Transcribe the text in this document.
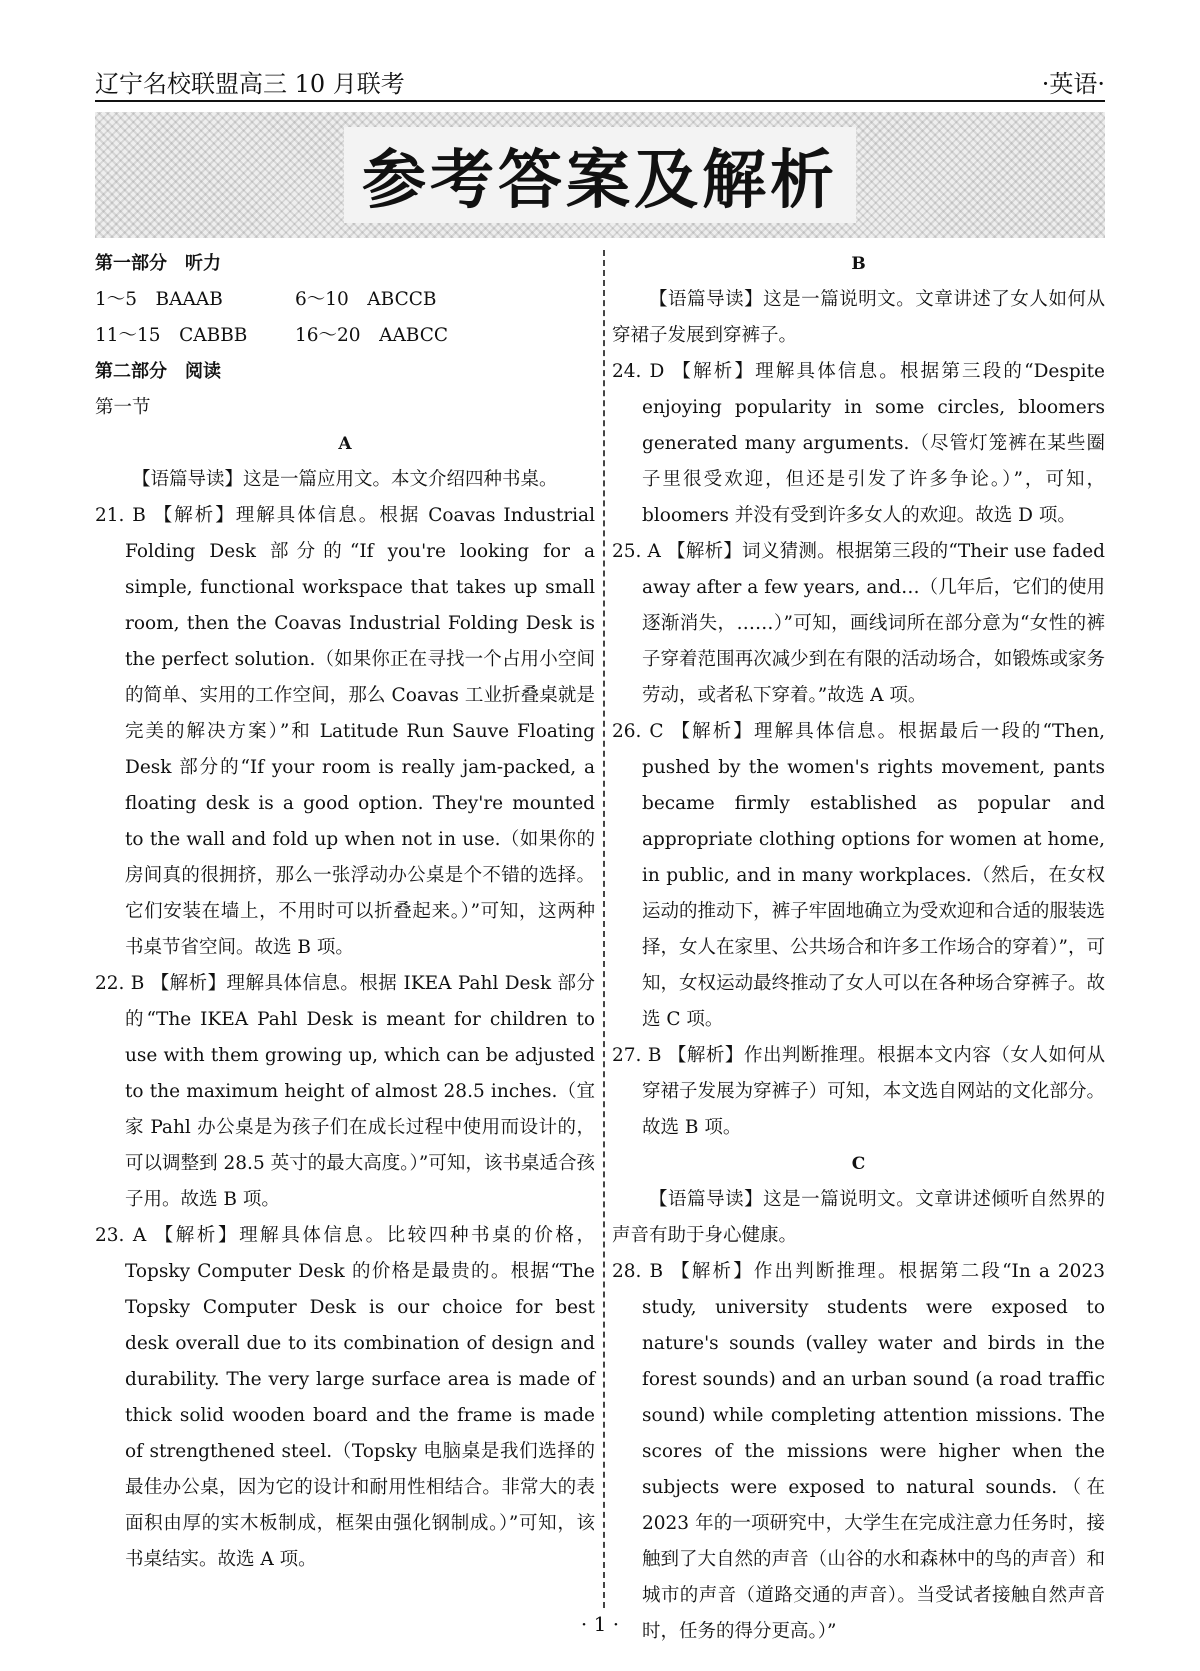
辽宁名校联盟高三 10 月联考	·英语·
参考答案及解析

第一部分　听力

1～5　BAAAB	6～10　ABCCB
11～15　CABBB	16～20　AABCC

第二部分　阅读

第一节

A

【语篇导读】这是一篇应用文。本文介绍四种书桌。

21. B 【解析】理解具体信息。根据 Coavas Industrial Folding Desk 部分的“If you're looking for a simple, functional workspace that takes up small room, then the Coavas Industrial Folding Desk is the perfect solution.（如果你正在寻找一个占用小空间的简单、实用的工作空间，那么 Coavas 工业折叠桌就是完美的解决方案）”和 Latitude Run Sauve Floating Desk 部分的“If your room is really jam-packed, a floating desk is a good option. They're mounted to the wall and fold up when not in use.（如果你的房间真的很拥挤，那么一张浮动办公桌是个不错的选择。它们安装在墙上，不用时可以折叠起来。）”可知，这两种书桌节省空间。故选 B 项。

22. B 【解析】理解具体信息。根据 IKEA Pahl Desk 部分的“The IKEA Pahl Desk is meant for children to use with them growing up, which can be adjusted to the maximum height of almost 28.5 inches.（宜家 Pahl 办公桌是为孩子们在成长过程中使用而设计的，可以调整到 28.5 英寸的最大高度。）”可知，该书桌适合孩子用。故选 B 项。

23. A 【解析】理解具体信息。比较四种书桌的价格，Topsky Computer Desk 的价格是最贵的。根据“The Topsky Computer Desk is our choice for best desk overall due to its combination of design and durability. The very large surface area is made of thick solid wooden board and the frame is made of strengthened steel.（Topsky 电脑桌是我们选择的最佳办公桌，因为它的设计和耐用性相结合。非常大的表面积由厚的实木板制成，框架由强化钢制成。）”可知，该书桌结实。故选 A 项。

B

【语篇导读】这是一篇说明文。文章讲述了女人如何从穿裙子发展到穿裤子。

24. D 【解析】理解具体信息。根据第三段的“Despite enjoying popularity in some circles, bloomers generated many arguments.（尽管灯笼裤在某些圈子里很受欢迎，但还是引发了许多争论。）”，可知，bloomers 并没有受到许多女人的欢迎。故选 D 项。

25. A 【解析】词义猜测。根据第三段的“Their use faded away after a few years, and…（几年后，它们的使用逐渐消失，……）”可知，画线词所在部分意为“女性的裤子穿着范围再次减少到在有限的活动场合，如锻炼或家务劳动，或者私下穿着。”故选 A 项。

26. C 【解析】理解具体信息。根据最后一段的“Then, pushed by the women's rights movement, pants became firmly established as popular and appropriate clothing options for women at home, in public, and in many workplaces.（然后，在女权运动的推动下，裤子牢固地确立为受欢迎和合适的服装选择，女人在家里、公共场合和许多工作场合的穿着）”，可知，女权运动最终推动了女人可以在各种场合穿裤子。故选 C 项。

27. B 【解析】作出判断推理。根据本文内容（女人如何从穿裙子发展为穿裤子）可知，本文选自网站的文化部分。故选 B 项。

C

【语篇导读】这是一篇说明文。文章讲述倾听自然界的声音有助于身心健康。

28. B 【解析】作出判断推理。根据第二段“In a 2023 study, university students were exposed to nature's sounds (valley water and birds in the forest sounds) and an urban sound (a road traffic sound) while completing attention missions. The scores of the missions were higher when the subjects were exposed to natural sounds.（在 2023 年的一项研究中，大学生在完成注意力任务时，接触到了大自然的声音（山谷的水和森林中的鸟的声音）和城市的声音（道路交通的声音）。当受试者接触自然声音时，任务的得分更高。）”

· 1 ·
